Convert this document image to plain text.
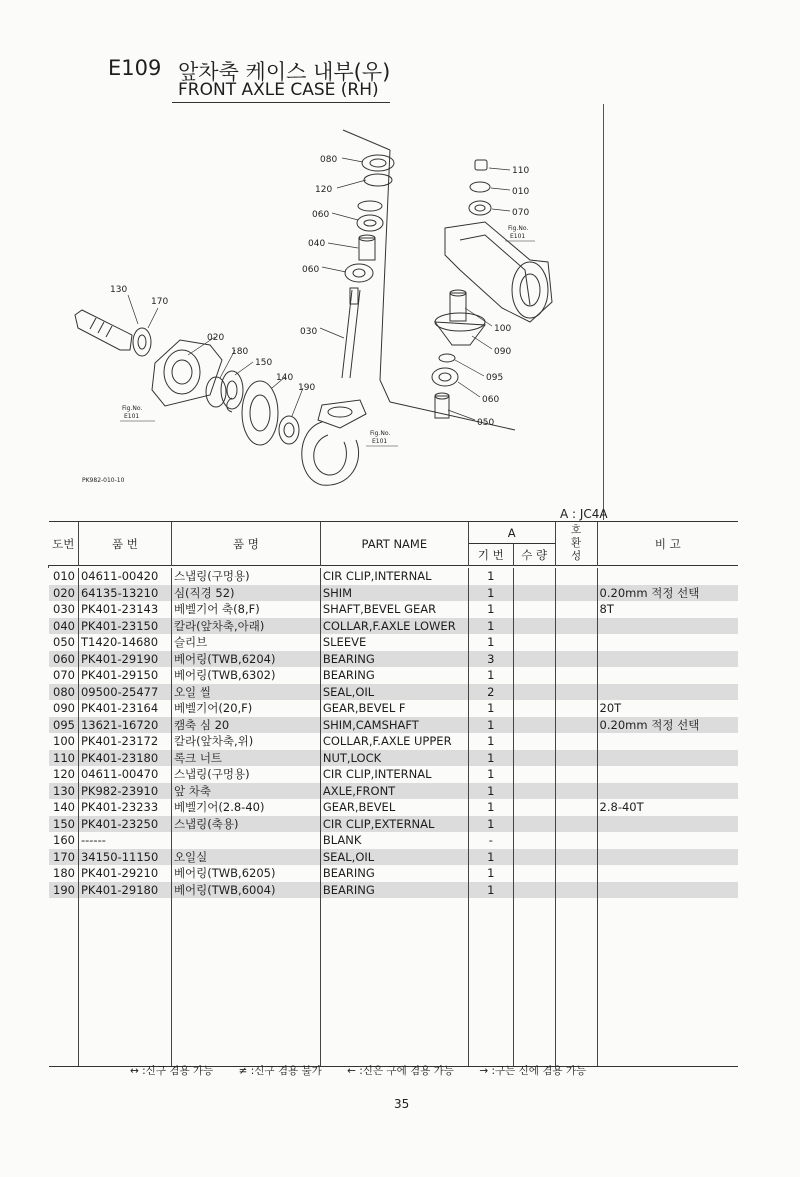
E109 앞차축 케이스 내부(우)
FRONT AXLE CASE (RH)
080
120
060
040
060
030
130
170
020
180
150
140
190
110
010
070
100
090
095
060
050
Fig.No.
E101
Fig.No.
E101
Fig.No.
E101
PK982-010-10
A : JC4A
도번	품 번	품 명	PART NAME	A		호
환
성	비 고
				기 번	수 량		

010	04611-00420	스냅링(구멍용)	CIR CLIP,INTERNAL	1			
020	64135-13210	심(직경 52)	SHIM	1			0.20mm 적정 선택
030	PK401-23143	베벨기어 축(8,F)	SHAFT,BEVEL GEAR	1			8T
040	PK401-23150	칼라(앞차축,아래)	COLLAR,F.AXLE LOWER	1			
050	T1420-14680	슬리브	SLEEVE	1			
060	PK401-29190	베어링(TWB,6204)	BEARING	3			
070	PK401-29150	베어링(TWB,6302)	BEARING	1			
080	09500-25477	오일 씰	SEAL,OIL	2			
090	PK401-23164	베벨기어(20,F)	GEAR,BEVEL F	1			20T
095	13621-16720	캠축 심 20	SHIM,CAMSHAFT	1			0.20mm 적정 선택
100	PK401-23172	칼라(앞차축,위)	COLLAR,F.AXLE UPPER	1			
110	PK401-23180	록크 너트	NUT,LOCK	1			
120	04611-00470	스냅링(구멍용)	CIR CLIP,INTERNAL	1			
130	PK982-23910	앞 차축	AXLE,FRONT	1			
140	PK401-23233	베벨기어(2.8-40)	GEAR,BEVEL	1			2.8-40T
150	PK401-23250	스냅링(축용)	CIR CLIP,EXTERNAL	1			
160	------		BLANK	-			
170	34150-11150	오일실	SEAL,OIL	1			
180	PK401-29210	베어링(TWB,6205)	BEARING	1			
190	PK401-29180	베어링(TWB,6004)	BEARING	1			

↔ :신구 겸용 가능 ≠ :신구 겸용 불가 ← :신은 구에 겸용 가능 → :구는 신에 겸용 가능
35
